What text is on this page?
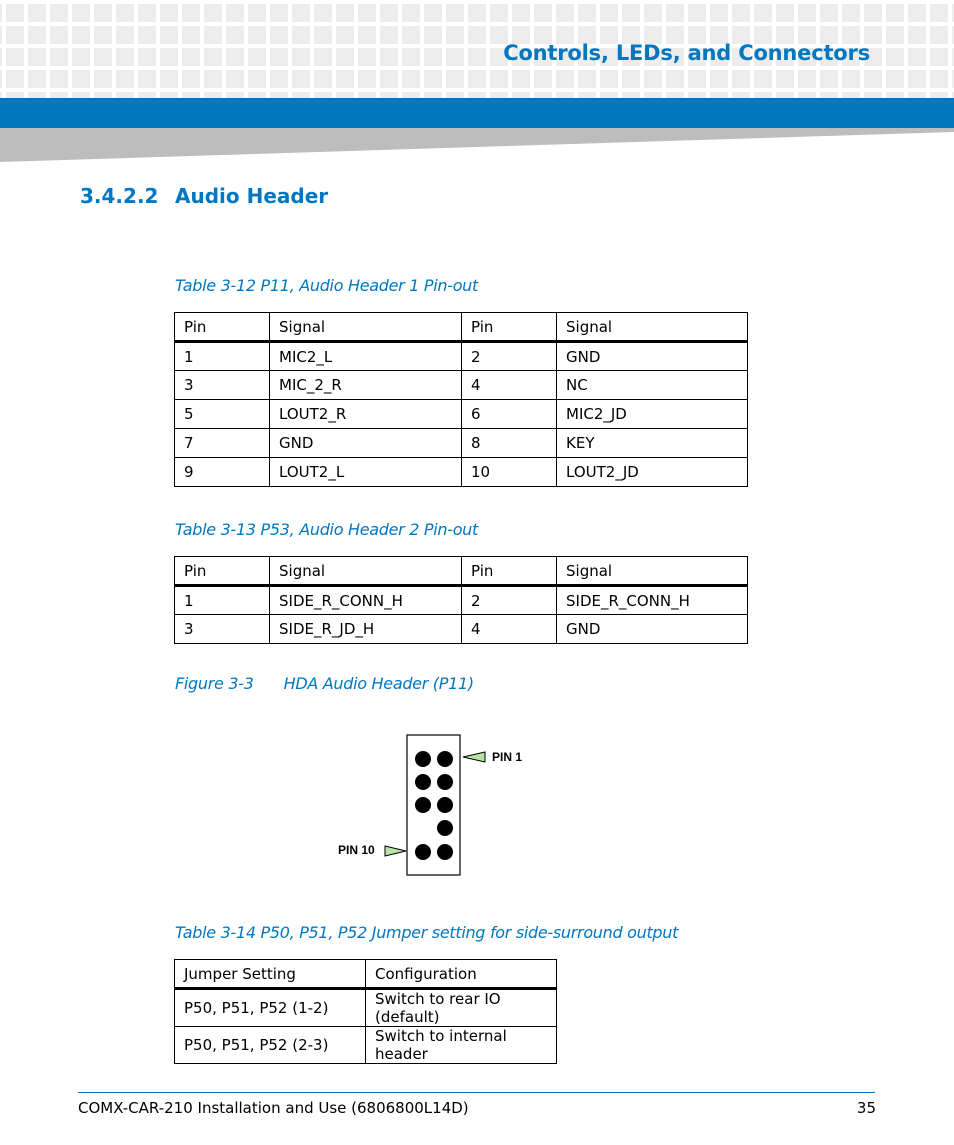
Controls, LEDs, and Connectors
3.4.2.2 Audio Header
Table 3-12 P11, Audio Header 1 Pin-out
Pin	Signal	Pin	Signal
1	MIC2_L	2	GND
3	MIC_2_R	4	NC
5	LOUT2_R	6	MIC2_JD
7	GND	8	KEY
9	LOUT2_L	10	LOUT2_JD
Table 3-13 P53, Audio Header 2 Pin-out
Pin	Signal	Pin	Signal
1	SIDE_R_CONN_H	2	SIDE_R_CONN_H
3	SIDE_R_JD_H	4	GND
Figure 3-3 HDA Audio Header (P11)
PIN 1
PIN 10
Table 3-14 P50, P51, P52 Jumper setting for side-surround output
Jumper Setting	Configuration
P50, P51, P52 (1-2)	Switch to rear IO (default)
P50, P51, P52 (2-3)	Switch to internal header
COMX-CAR-210 Installation and Use (6806800L14D)	35
